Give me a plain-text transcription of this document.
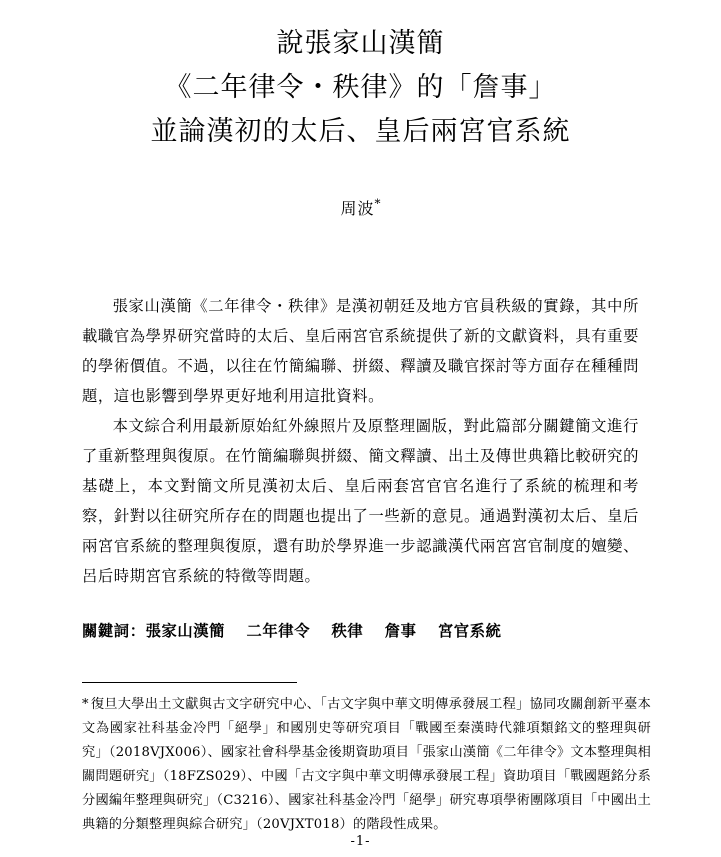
說張家山漢簡
《二年律令・秩律》的「詹事」
並論漢初的太后、皇后兩宮官系統
周波*

張家山漢簡《二年律令・秩律》是漢初朝廷及地方官員秩級的實錄，其中所載職官為學界研究當時的太后、皇后兩宮官系統提供了新的文獻資料，具有重要的學術價值。不過，以往在竹簡編聯、拼綴、釋讀及職官探討等方面存在種種問題，這也影響到學界更好地利用這批資料。

本文綜合利用最新原始紅外線照片及原整理圖版，對此篇部分關鍵簡文進行了重新整理與復原。在竹簡編聯與拼綴、簡文釋讀、出土及傳世典籍比較研究的基礎上，本文對簡文所見漢初太后、皇后兩套宮官官名進行了系統的梳理和考察，針對以往研究所存在的問題也提出了一些新的意見。通過對漢初太后、皇后兩宮官系統的整理與復原，還有助於學界進一步認識漢代兩宮宮官制度的嬗變、呂后時期宮官系統的特徵等問題。

關鍵詞：張家山漢簡 二年律令 秩律 詹事 宮官系統
* 復旦大學出土文獻與古文字研究中心、「古文字與中華文明傳承發展工程」協同攻關創新平臺本文為國家社科基金冷門「絕學」和國別史等研究項目「戰國至秦漢時代雜項類銘文的整理與研究」（2018VJX006）、國家社會科學基金後期資助項目「張家山漢簡《二年律令》文本整理與相關問題研究」（18FZS029）、中國「古文字與中華文明傳承發展工程」資助項目「戰國題銘分系分國編年整理與研究」（C3216）、國家社科基金冷門「絕學」研究專項學術團隊項目「中國出土典籍的分類整理與綜合研究」（20VJXT018）的階段性成果。
-1-
